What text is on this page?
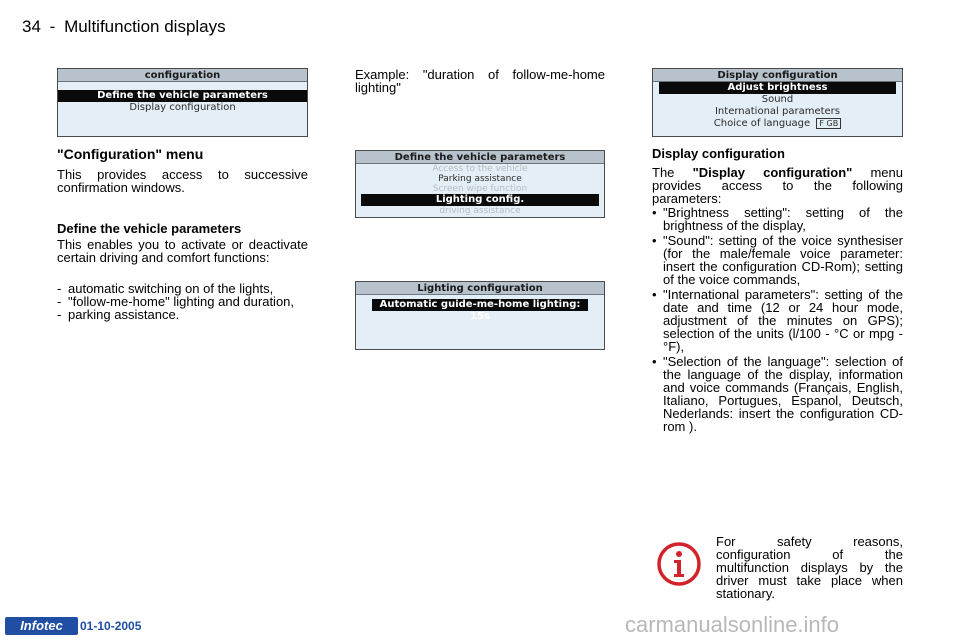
34 - Multifunction displays
configuration
Define the vehicle parameters
Display configuration
"Configuration" menu
This provides access to successive confirmation windows.
Define the vehicle parameters
This enables you to activate or deactivate certain driving and comfort functions:
- automatic switching on of the lights,
- "follow-me-home" lighting and duration,
- parking assistance.
Example: "duration of follow-me-home lighting"
Define the vehicle parameters
Access to the vehicle
Parking assistance
Screen wipe function
Lighting config.
driving assistance
Lighting configuration
Automatic guide-me-home lighting: 15s
Display configuration
Adjust brightness
Sound
International parameters
Choice of language F GB
Display configuration
The "Display configuration" menu provides access to the following parameters:
• "Brightness setting": setting of the brightness of the display,
• "Sound": setting of the voice synthesiser (for the male/female voice parameter: insert the configuration CD-Rom); setting of the voice commands,
• "International parameters": setting of the date and time (12 or 24 hour mode, adjustment of the minutes on GPS); selection of the units (l/100 - °C or mpg - °F),
• "Selection of the language": selection of the language of the display, information and voice commands (Français, English, Italiano, Portugues, Espanol, Deutsch, Nederlands: insert the configuration CD-rom ).
For safety reasons, configuration of the multifunction displays by the driver must take place when stationary.
Infotec	01-10-2005	carmanualsonline.info
